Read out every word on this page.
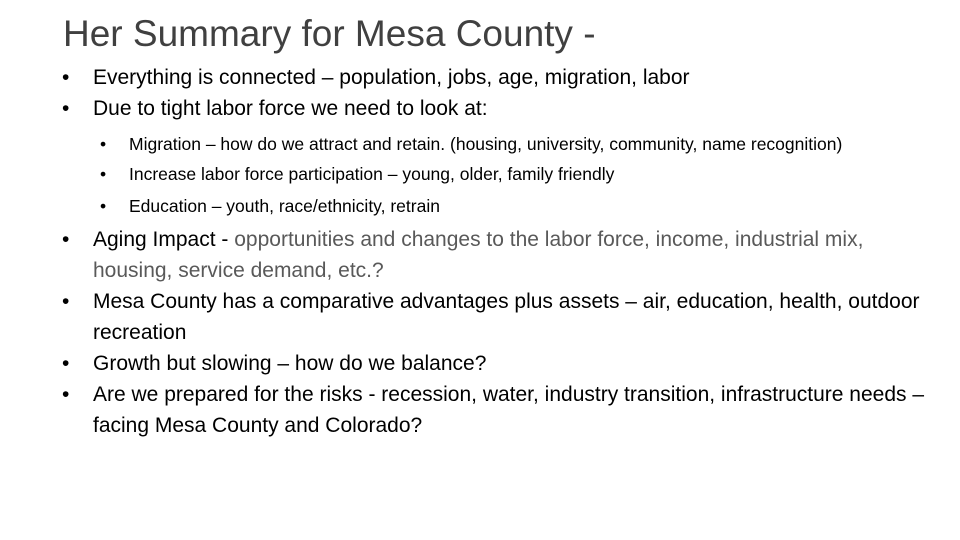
Her Summary for Mesa County -
• Everything is connected – population, jobs, age, migration, labor
• Due to tight labor force we need to look at:
• Migration – how do we attract and retain. (housing, university, community, name recognition)
• Increase labor force participation – young, older, family friendly
• Education – youth, race/ethnicity, retrain
• Aging Impact - opportunities and changes to the labor force, income, industrial mix, housing, service demand, etc.?
• Mesa County has a comparative advantages plus assets – air, education, health, outdoor recreation
• Growth but slowing – how do we balance?
• Are we prepared for the risks - recession, water, industry transition, infrastructure needs – facing Mesa County and Colorado?
